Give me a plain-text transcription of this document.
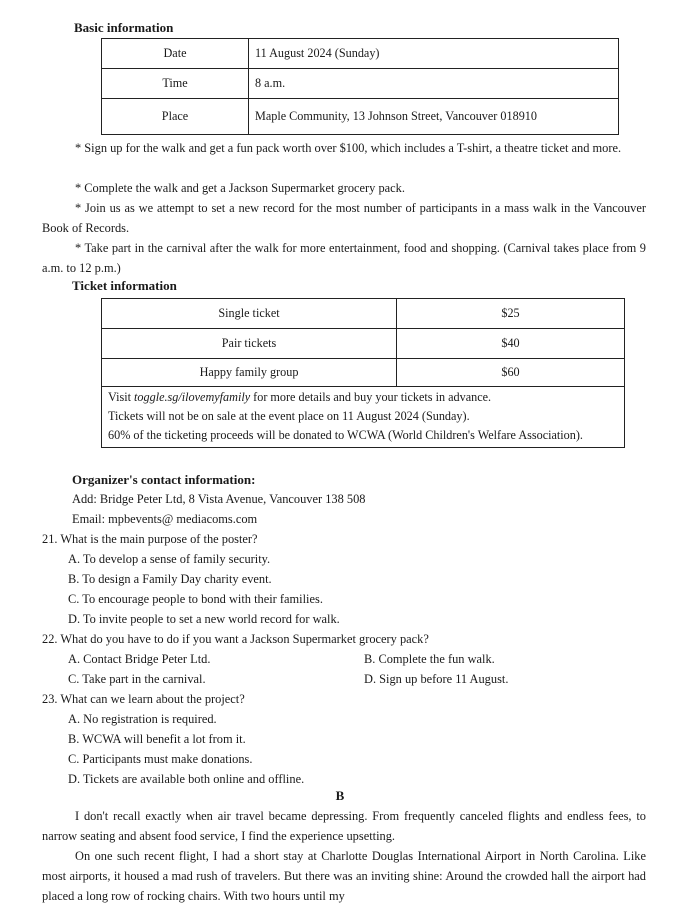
Basic information
Date	11 August 2024 (Sunday)
Time	8 a.m.
Place	Maple Community, 13 Johnson Street, Vancouver 018910
* Sign up for the walk and get a fun pack worth over $100, which includes a T-shirt, a theatre ticket and more.
* Complete the walk and get a Jackson Supermarket grocery pack.
* Join us as we attempt to set a new record for the most number of participants in a mass walk in the Vancouver Book of Records.
* Take part in the carnival after the walk for more entertainment, food and shopping. (Carnival takes place from 9 a.m. to 12 p.m.)
Ticket information
Single ticket	$25
Pair tickets	$40
Happy family group	$60
Visit toggle.sg/ilovemyfamily for more details and buy your tickets in advance.
Tickets will not be on sale at the event place on 11 August 2024 (Sunday).
60% of the ticketing proceeds will be donated to WCWA (World Children's Welfare Association).
Organizer's contact information:
Add: Bridge Peter Ltd, 8 Vista Avenue, Vancouver 138 508
Email: mpbevents@ mediacoms.com
21. What is the main purpose of the poster?
A. To develop a sense of family security.
B. To design a Family Day charity event.
C. To encourage people to bond with their families.
D. To invite people to set a new world record for walk.
22. What do you have to do if you want a Jackson Supermarket grocery pack?
A. Contact Bridge Peter Ltd.	B. Complete the fun walk.
C. Take part in the carnival.	D. Sign up before 11 August.
23. What can we learn about the project?
A. No registration is required.
B. WCWA will benefit a lot from it.
C. Participants must make donations.
D. Tickets are available both online and offline.
B
I don't recall exactly when air travel became depressing. From frequently canceled flights and endless fees, to narrow seating and absent food service, I find the experience upsetting.
On one such recent flight, I had a short stay at Charlotte Douglas International Airport in North Carolina. Like most airports, it housed a mad rush of travelers. But there was an inviting shine: Around the crowded hall the airport had placed a long row of rocking chairs. With two hours until my
